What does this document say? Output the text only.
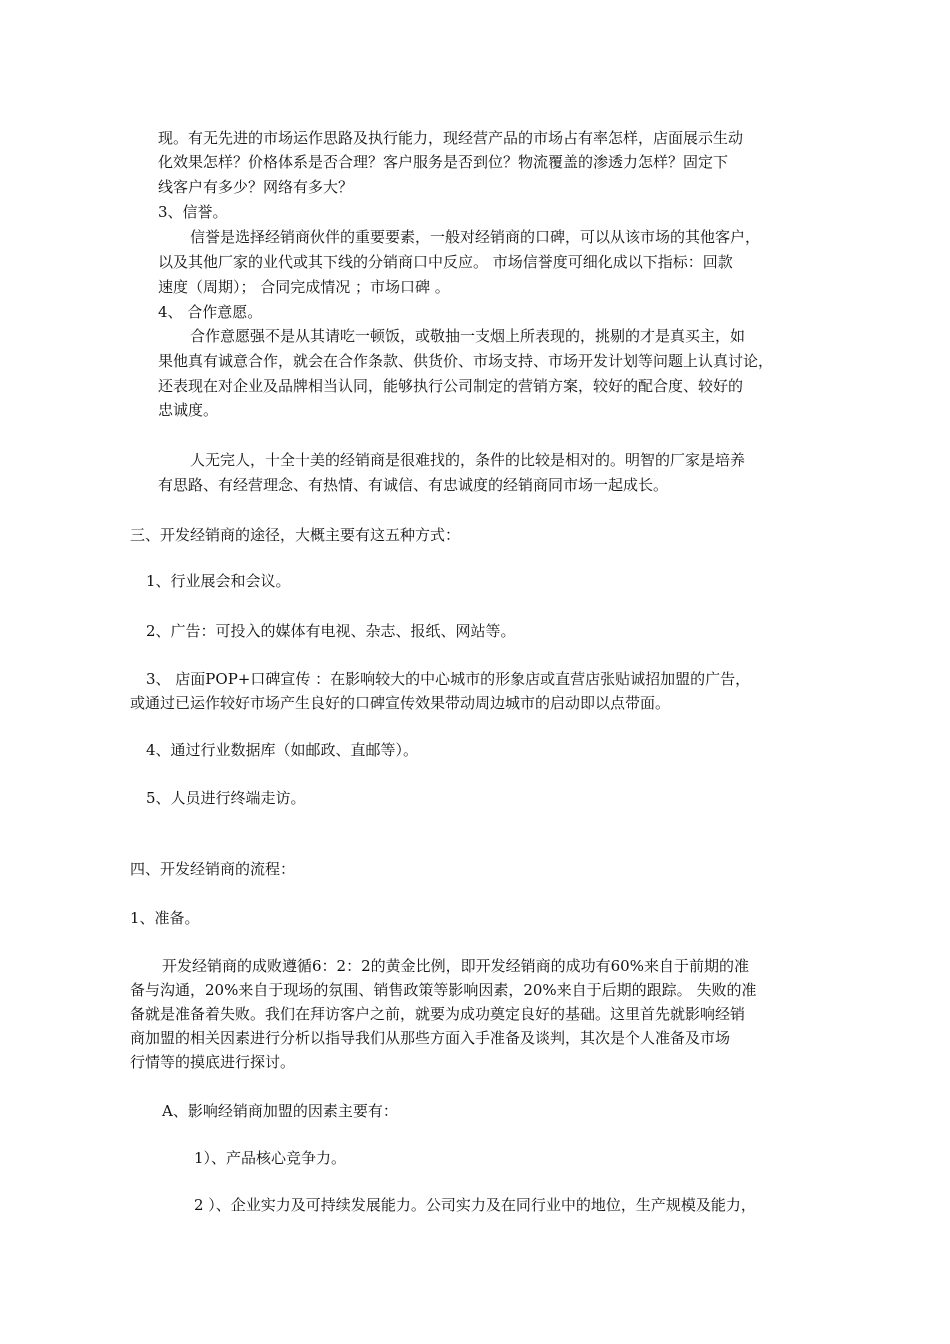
现。有无先进的市场运作思路及执行能力，现经营产品的市场占有率怎样，店面展示生动

化效果怎样？价格体系是否合理？客户服务是否到位？物流覆盖的渗透力怎样？固定下

线客户有多少？网络有多大？

3、信誉。

信誉是选择经销商伙伴的重要要素，一般对经销商的口碑，可以从该市场的其他客户，

以及其他厂家的业代或其下线的分销商口中反应。 市场信誉度可细化成以下指标：回款

速度（周期）； 合同完成情况 ；市场口碑 。

4、 合作意愿。

合作意愿强不是从其请吃一顿饭，或敬抽一支烟上所表现的，挑剔的才是真买主，如

果他真有诚意合作，就会在合作条款、供货价、市场支持、市场开发计划等问题上认真讨论，

还表现在对企业及品牌相当认同，能够执行公司制定的营销方案，较好的配合度、较好的

忠诚度。

人无完人，十全十美的经销商是很难找的，条件的比较是相对的。明智的厂家是培养

有思路、有经营理念、有热情、有诚信、有忠诚度的经销商同市场一起成长。

三、开发经销商的途径，大概主要有这五种方式：

1、行业展会和会议。

2、广告：可投入的媒体有电视、杂志、报纸、网站等。

3、 店面POP+口碑宣传 ：在影响较大的中心城市的形象店或直营店张贴诚招加盟的广告，

或通过已运作较好市场产生良好的口碑宣传效果带动周边城市的启动即以点带面。

4、通过行业数据库（如邮政、直邮等）。

5、人员进行终端走访。

四、开发经销商的流程：

1、准备。

开发经销商的成败遵循6：2：2的黄金比例，即开发经销商的成功有60%来自于前期的准

备与沟通，20%来自于现场的氛围、销售政策等影响因素，20%来自于后期的跟踪。 失败的准

备就是准备着失败。我们在拜访客户之前，就要为成功奠定良好的基础。这里首先就影响经销

商加盟的相关因素进行分析以指导我们从那些方面入手准备及谈判，其次是个人准备及市场

行情等的摸底进行探讨。

A、影响经销商加盟的因素主要有：

1）、产品核心竞争力。

2 ）、企业实力及可持续发展能力。公司实力及在同行业中的地位，生产规模及能力，
